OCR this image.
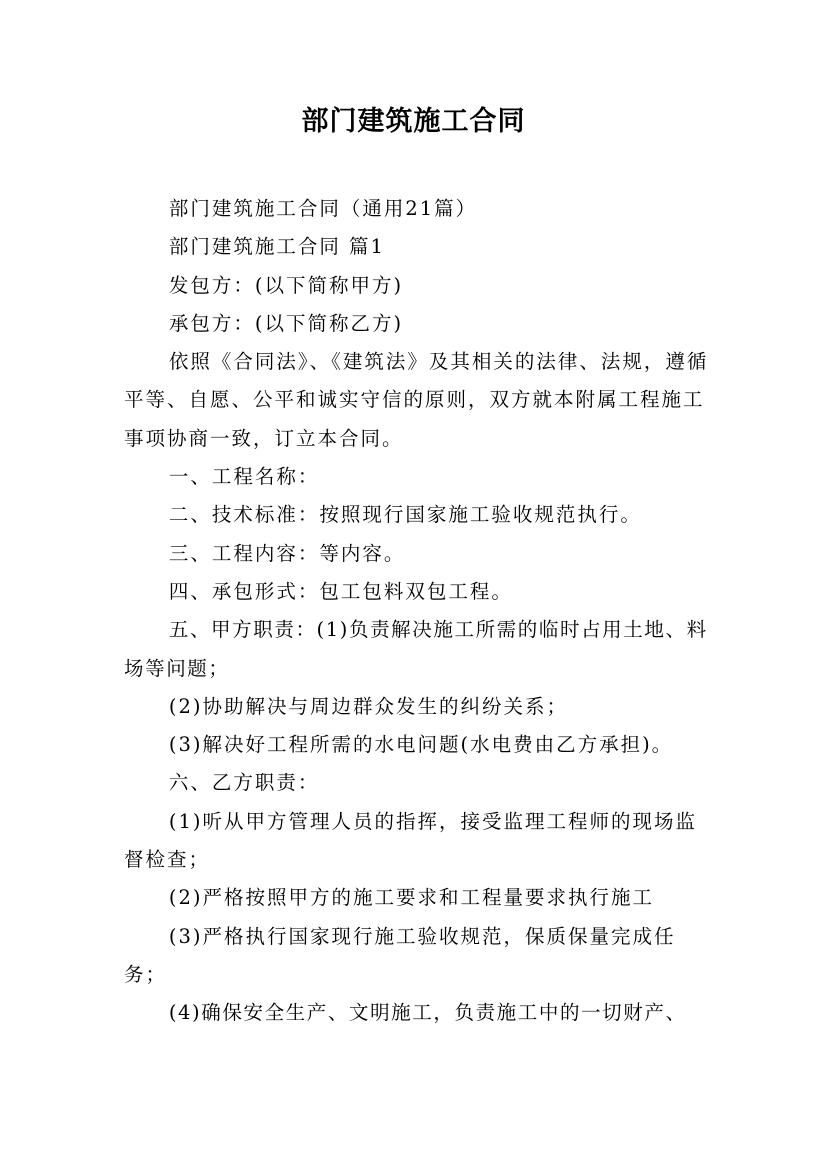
部门建筑施工合同

部门建筑施工合同（通用21篇）

部门建筑施工合同 篇1

发包方：(以下简称甲方)

承包方：(以下简称乙方)

依照《合同法》、《建筑法》及其相关的法律、法规，遵循平等、自愿、公平和诚实守信的原则，双方就本附属工程施工事项协商一致，订立本合同。

一、工程名称：

二、技术标准：按照现行国家施工验收规范执行。

三、工程内容：等内容。

四、承包形式：包工包料双包工程。

五、甲方职责：(1)负责解决施工所需的临时占用土地、料场等问题；

(2)协助解决与周边群众发生的纠纷关系；

(3)解决好工程所需的水电问题(水电费由乙方承担)。

六、乙方职责：

(1)听从甲方管理人员的指挥，接受监理工程师的现场监督检查；

(2)严格按照甲方的施工要求和工程量要求执行施工

(3)严格执行国家现行施工验收规范，保质保量完成任务；

(4)确保安全生产、文明施工，负责施工中的一切财产、
